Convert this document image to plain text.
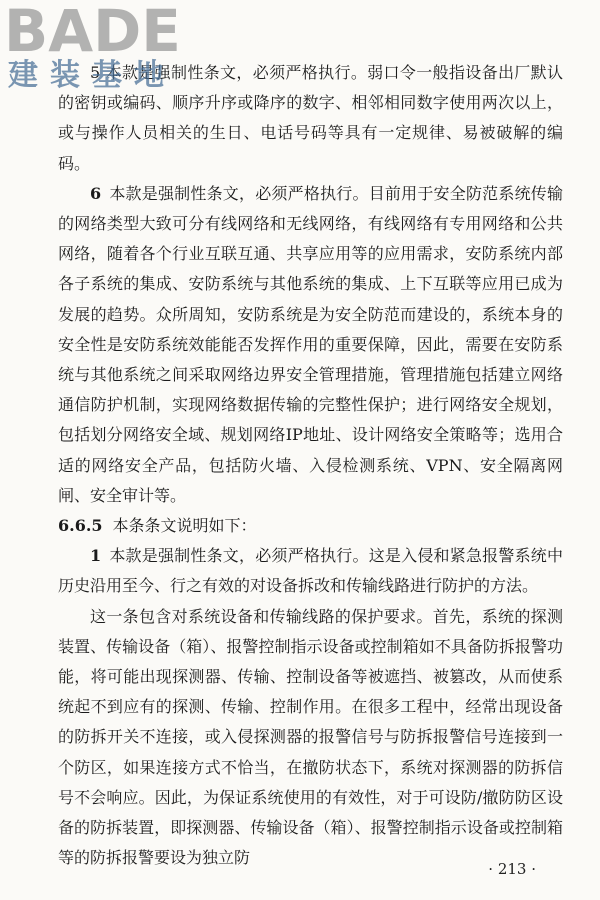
BADE
建装基地

5 本款是强制性条文，必须严格执行。弱口令一般指设备出厂默认的密钥或编码、顺序升序或降序的数字、相邻相同数字使用两次以上，或与操作人员相关的生日、电话号码等具有一定规律、易被破解的编码。

6 本款是强制性条文，必须严格执行。目前用于安全防范系统传输的网络类型大致可分有线网络和无线网络，有线网络有专用网络和公共网络，随着各个行业互联互通、共享应用等的应用需求，安防系统内部各子系统的集成、安防系统与其他系统的集成、上下互联等应用已成为发展的趋势。众所周知，安防系统是为安全防范而建设的，系统本身的安全性是安防系统效能能否发挥作用的重要保障，因此，需要在安防系统与其他系统之间采取网络边界安全管理措施，管理措施包括建立网络通信防护机制，实现网络数据传输的完整性保护；进行网络安全规划，包括划分网络安全域、规划网络IP地址、设计网络安全策略等；选用合适的网络安全产品，包括防火墙、入侵检测系统、VPN、安全隔离网闸、安全审计等。

6.6.5 本条条文说明如下：

1 本款是强制性条文，必须严格执行。这是入侵和紧急报警系统中历史沿用至今、行之有效的对设备拆改和传输线路进行防护的方法。

这一条包含对系统设备和传输线路的保护要求。首先，系统的探测装置、传输设备（箱）、报警控制指示设备或控制箱如不具备防拆报警功能，将可能出现探测器、传输、控制设备等被遮挡、被篡改，从而使系统起不到应有的探测、传输、控制作用。在很多工程中，经常出现设备的防拆开关不连接，或入侵探测器的报警信号与防拆报警信号连接到一个防区，如果连接方式不恰当，在撤防状态下，系统对探测器的防拆信号不会响应。因此，为保证系统使用的有效性，对于可设防/撤防防区设备的防拆装置，即探测器、传输设备（箱）、报警控制指示设备或控制箱等的防拆报警要设为独立防

· 213 ·
